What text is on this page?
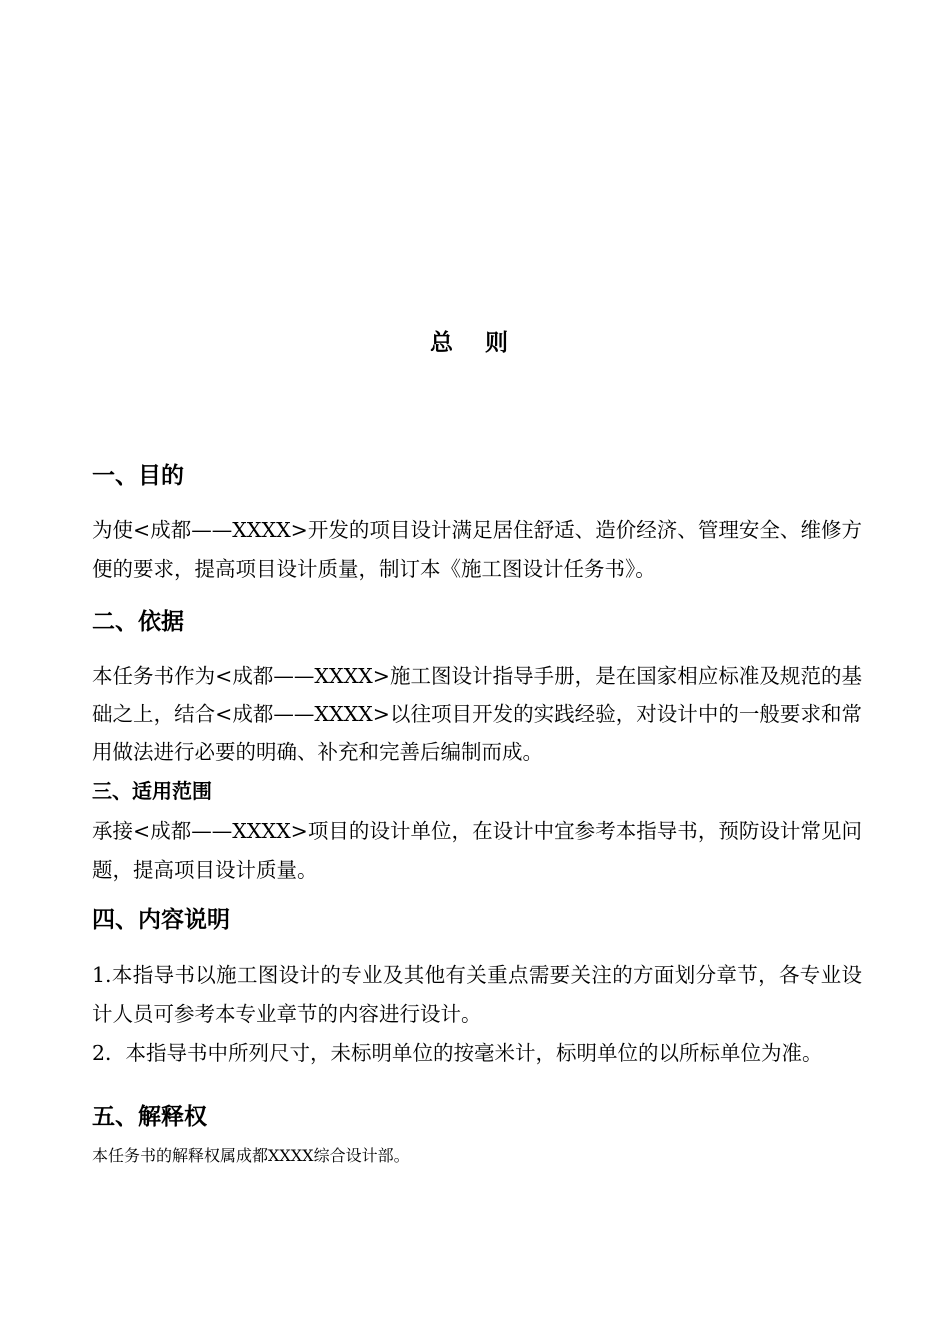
总 则
一、目的

为使<成都——XXXX>开发的项目设计满足居住舒适、造价经济、管理安全、维修方便的要求，提高项目设计质量，制订本《施工图设计任务书》。

二、依据

本任务书作为<成都——XXXX>施工图设计指导手册，是在国家相应标准及规范的基础之上，结合<成都——XXXX>以往项目开发的实践经验，对设计中的一般要求和常用做法进行必要的明确、补充和完善后编制而成。

三、适用范围

承接<成都——XXXX>项目的设计单位，在设计中宜参考本指导书，预防设计常见问题，提高项目设计质量。

四、内容说明

1.本指导书以施工图设计的专业及其他有关重点需要关注的方面划分章节，各专业设计人员可参考本专业章节的内容进行设计。

2．本指导书中所列尺寸，未标明单位的按毫米计，标明单位的以所标单位为准。

五、解释权

本任务书的解释权属成都XXXX综合设计部。
